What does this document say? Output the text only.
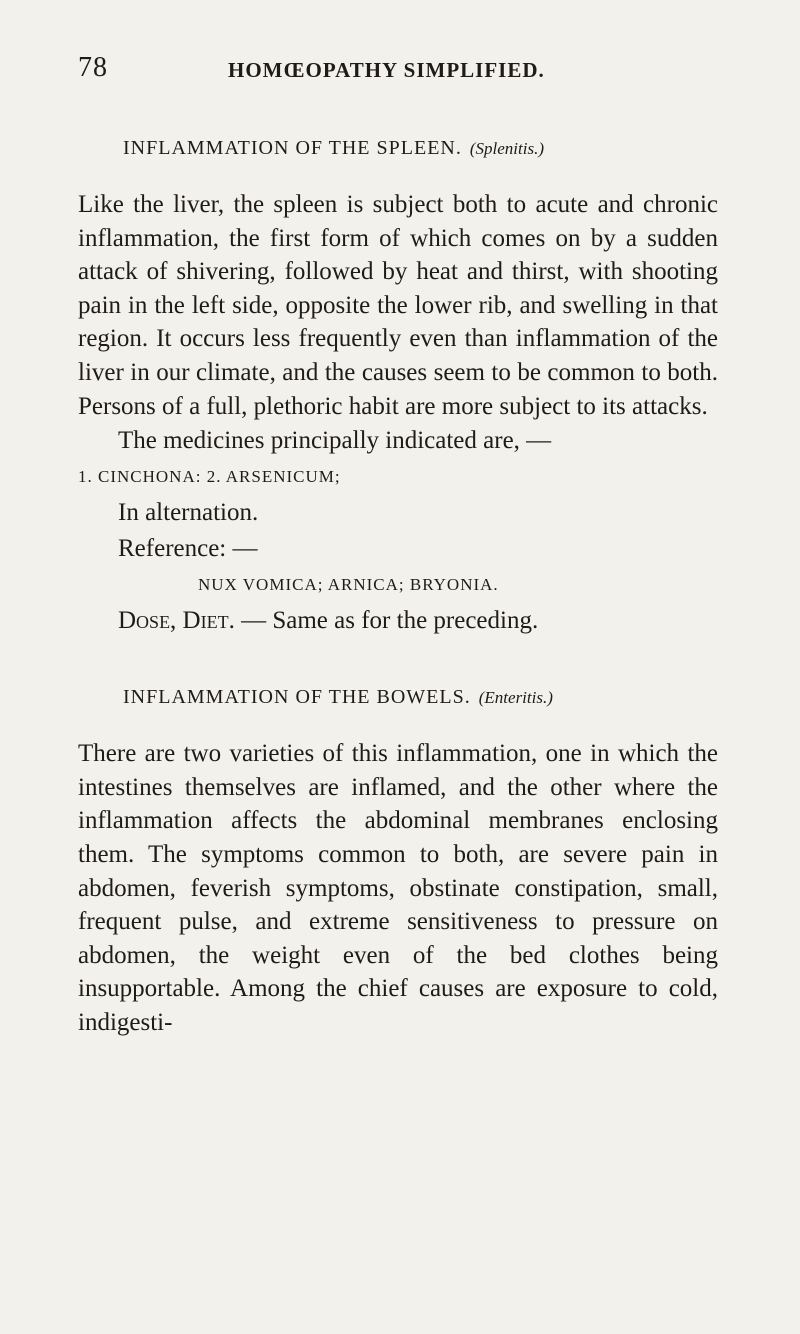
78	HOMŒOPATHY SIMPLIFIED.
INFLAMMATION OF THE SPLEEN. (Splenitis.)

Like the liver, the spleen is subject both to acute and chronic inflammation, the first form of which comes on by a sudden attack of shivering, followed by heat and thirst, with shooting pain in the left side, opposite the lower rib, and swelling in that region. It occurs less frequently even than inflammation of the liver in our climate, and the causes seem to be common to both. Persons of a full, plethoric habit are more subject to its attacks.

The medicines principally indicated are, —
1. CINCHONA: 2. ARSENICUM;
In alternation.
Reference: —
NUX VOMICA; ARNICA; BRYONIA.
Dose, Diet. — Same as for the preceding.
INFLAMMATION OF THE BOWELS. (Enteritis.)

There are two varieties of this inflammation, one in which the intestines themselves are inflamed, and the other where the inflammation affects the abdominal membranes enclosing them. The symptoms common to both, are severe pain in abdomen, feverish symptoms, obstinate constipation, small, frequent pulse, and extreme sensitiveness to pressure on abdomen, the weight even of the bed clothes being insupportable. Among the chief causes are exposure to cold, indigesti-
